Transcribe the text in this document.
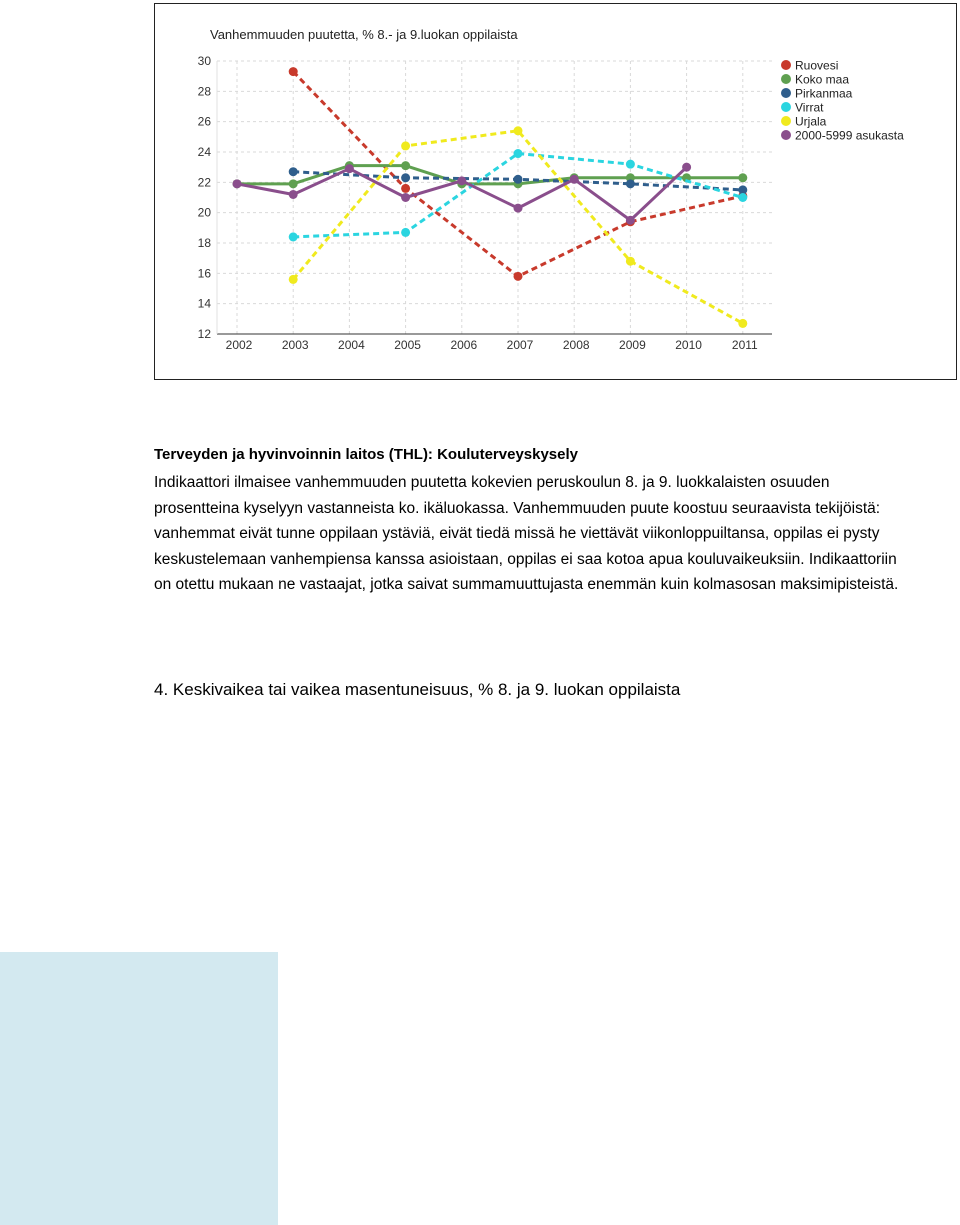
Vanhemmuuden puutetta, % 8.- ja 9.luokan oppilaista
12
14
16
18
20
22
24
26
28
30
2002 2003 2004 2005 2006 2007 2008 2009 2010 2011
Ruovesi
Koko maa
Pirkanmaa
Virrat
Urjala
2000-5999 asukasta
Terveyden ja hyvinvoinnin laitos (THL): Kouluterveyskysely

Indikaattori ilmaisee vanhemmuuden puutetta kokevien peruskoulun 8. ja 9. luokkalaisten osuuden prosentteina kyselyyn vastanneista ko. ikäluokassa. Vanhemmuuden puute koostuu seuraavista tekijöistä: vanhemmat eivät tunne oppilaan ystäviä, eivät tiedä missä he viettävät viikonloppuiltansa, oppilas ei pysty keskustelemaan vanhempiensa kanssa asioistaan, oppilas ei saa kotoa apua kouluvaikeuksiin. Indikaattoriin on otettu mukaan ne vastaajat, jotka saivat summamuuttujasta enemmän kuin kolmasosan maksimipisteistä.

4. Keskivaikea tai vaikea masentuneisuus, % 8. ja 9. luokan oppilaista
